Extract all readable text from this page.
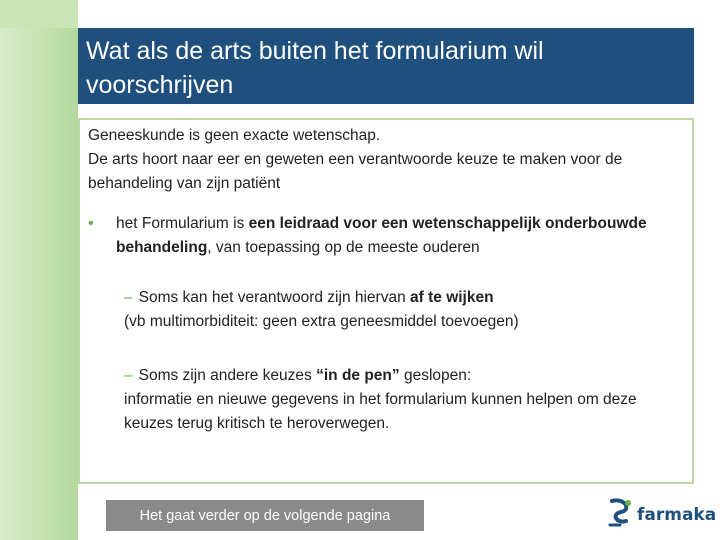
Wat als de arts buiten het formularium wil voorschrijven

Geneeskunde is geen exacte wetenschap.

De arts hoort naar eer en geweten een verantwoorde keuze te maken voor de behandeling van zijn patiënt

• het Formularium is een leidraad voor een wetenschappelijk onderbouwde behandeling, van toepassing op de meeste ouderen
– Soms kan het verantwoord zijn hiervan af te wijken
(vb multimorbiditeit: geen extra geneesmiddel toevoegen)
– Soms zijn andere keuzes “in de pen” geslopen:
informatie en nieuwe gegevens in het formularium kunnen helpen om deze keuzes terug kritisch te heroverwegen.
Het gaat verder op de volgende pagina	farmaka
